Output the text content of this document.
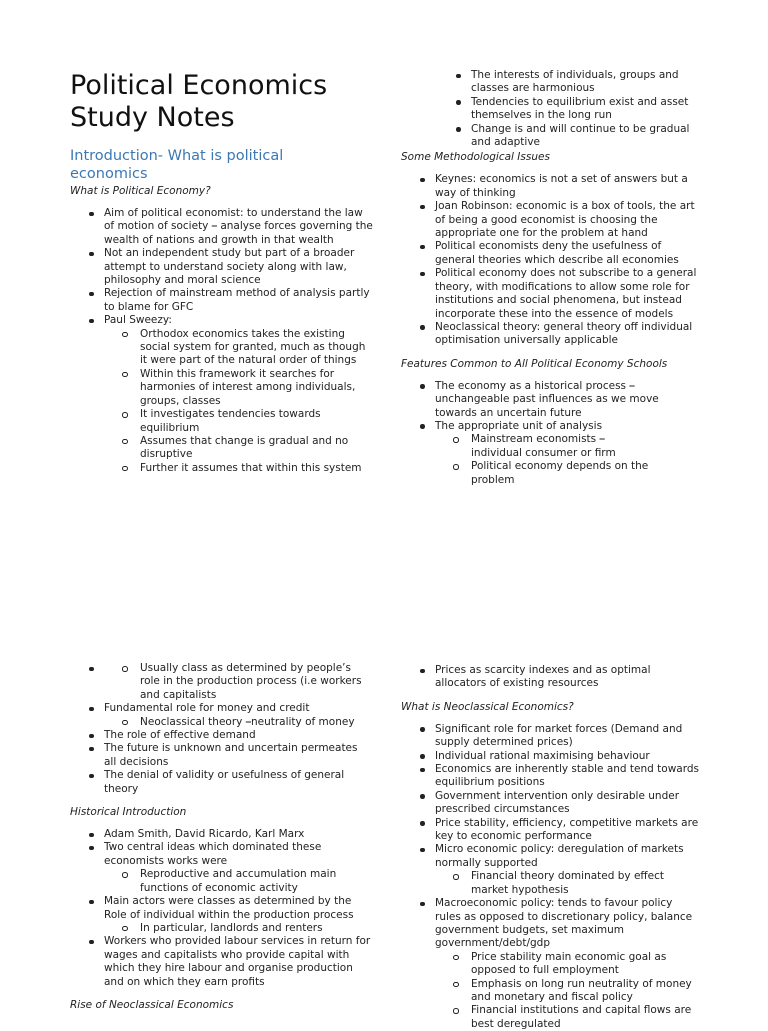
Political Economics
Study Notes
Introduction- What is political economics
What is Political Economy?
Aim of political economist: to understand the law of motion of society ⎯ analyse forces governing the wealth of nations and growth in that wealth
Not an independent study but part of a broader attempt to understand society along with law, philosophy and moral science
Rejection of mainstream method of analysis partly to blame for GFC
Paul Sweezy:
Orthodox economics takes the existing social system for granted, much as though it were part of the natural order of things
Within this framework it searches for harmonies of interest among individuals, groups, classes
It investigates tendencies towards equilibrium
Assumes that change is gradual and no disruptive
Further it assumes that within this system
The interests of individuals, groups and classes are harmonious
Tendencies to equilibrium exist and asset themselves in the long run
Change is and will continue to be gradual and adaptive
Some Methodological Issues
Keynes: economics is not a set of answers but a way of thinking
Joan Robinson: economic is a box of tools, the art of being a good economist is choosing the appropriate one for the problem at hand
Political economists deny the usefulness of general theories which describe all economies
Political economy does not subscribe to a general theory, with modifications to allow some role for institutions and social phenomena, but instead incorporate these into the essence of models
Neoclassical theory: general theory off individual optimisation universally applicable
Features Common to All Political Economy Schools
The economy as a historical process ⎯ unchangeable past influences as we move towards an uncertain future
The appropriate unit of analysis
Mainstream economists ⎯ individual consumer or firm
Political economy depends on the problem
Usually class as determined by people’s role in the production process (i.e workers and capitalists
Fundamental role for money and credit
Neoclassical theory ⎯neutrality of money
The role of effective demand
The future is unknown and uncertain permeates all decisions
The denial of validity or usefulness of general theory
Historical Introduction
Adam Smith, David Ricardo, Karl Marx
Two central ideas which dominated these economists works were
Reproductive and accumulation main functions of economic activity
Main actors were classes as determined by the Role of individual within the production process
In particular, landlords and renters
Workers who provided labour services in return for wages and capitalists who provide capital with which they hire labour and organise production and on which they earn profits
Rise of Neoclassical Economics
Prices as scarcity indexes and as optimal allocators of existing resources
What is Neoclassical Economics?
Significant role for market forces (Demand and supply determined prices)
Individual rational maximising behaviour
Economics are inherently stable and tend towards equilibrium positions
Government intervention only desirable under prescribed circumstances
Price stability, efficiency, competitive markets are key to economic performance
Micro economic policy: deregulation of markets normally supported
Financial theory dominated by effect market hypothesis
Macroeconomic policy: tends to favour policy rules as opposed to discretionary policy, balance government budgets, set maximum government/debt/gdp
Price stability main economic goal as opposed to full employment
Emphasis on long run neutrality of money and monetary and fiscal policy
Financial institutions and capital flows are best deregulated
